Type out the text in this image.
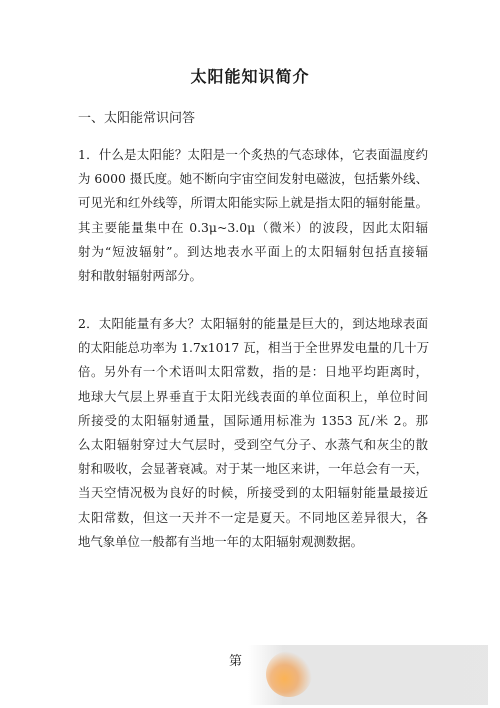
太阳能知识简介
一、太阳能常识问答
1．什么是太阳能？太阳是一个炙热的气态球体，它表面温度约
为 6000 摄氏度。她不断向宇宙空间发射电磁波，包括紫外线、
可见光和红外线等，所谓太阳能实际上就是指太阳的辐射能量。
其主要能量集中在 0.3μ~3.0μ（微米）的波段，因此太阳辐
射为“短波辐射”。到达地表水平面上的太阳辐射包括直接辐
射和散射辐射两部分。
2．太阳能量有多大？太阳辐射的能量是巨大的，到达地球表面
的太阳能总功率为 1.7x1017 瓦，相当于全世界发电量的几十万
倍。另外有一个术语叫太阳常数，指的是：日地平均距离时，
地球大气层上界垂直于太阳光线表面的单位面积上，单位时间
所接受的太阳辐射通量，国际通用标准为 1353 瓦/米 2。那
么太阳辐射穿过大气层时，受到空气分子、水蒸气和灰尘的散
射和吸收，会显著衰减。对于某一地区来讲，一年总会有一天，
当天空情况极为良好的时候，所接受到的太阳辐射能量最接近
太阳常数，但这一天并不一定是夏天。不同地区差异很大，各
地气象单位一般都有当地一年的太阳辐射观测数据。
第
